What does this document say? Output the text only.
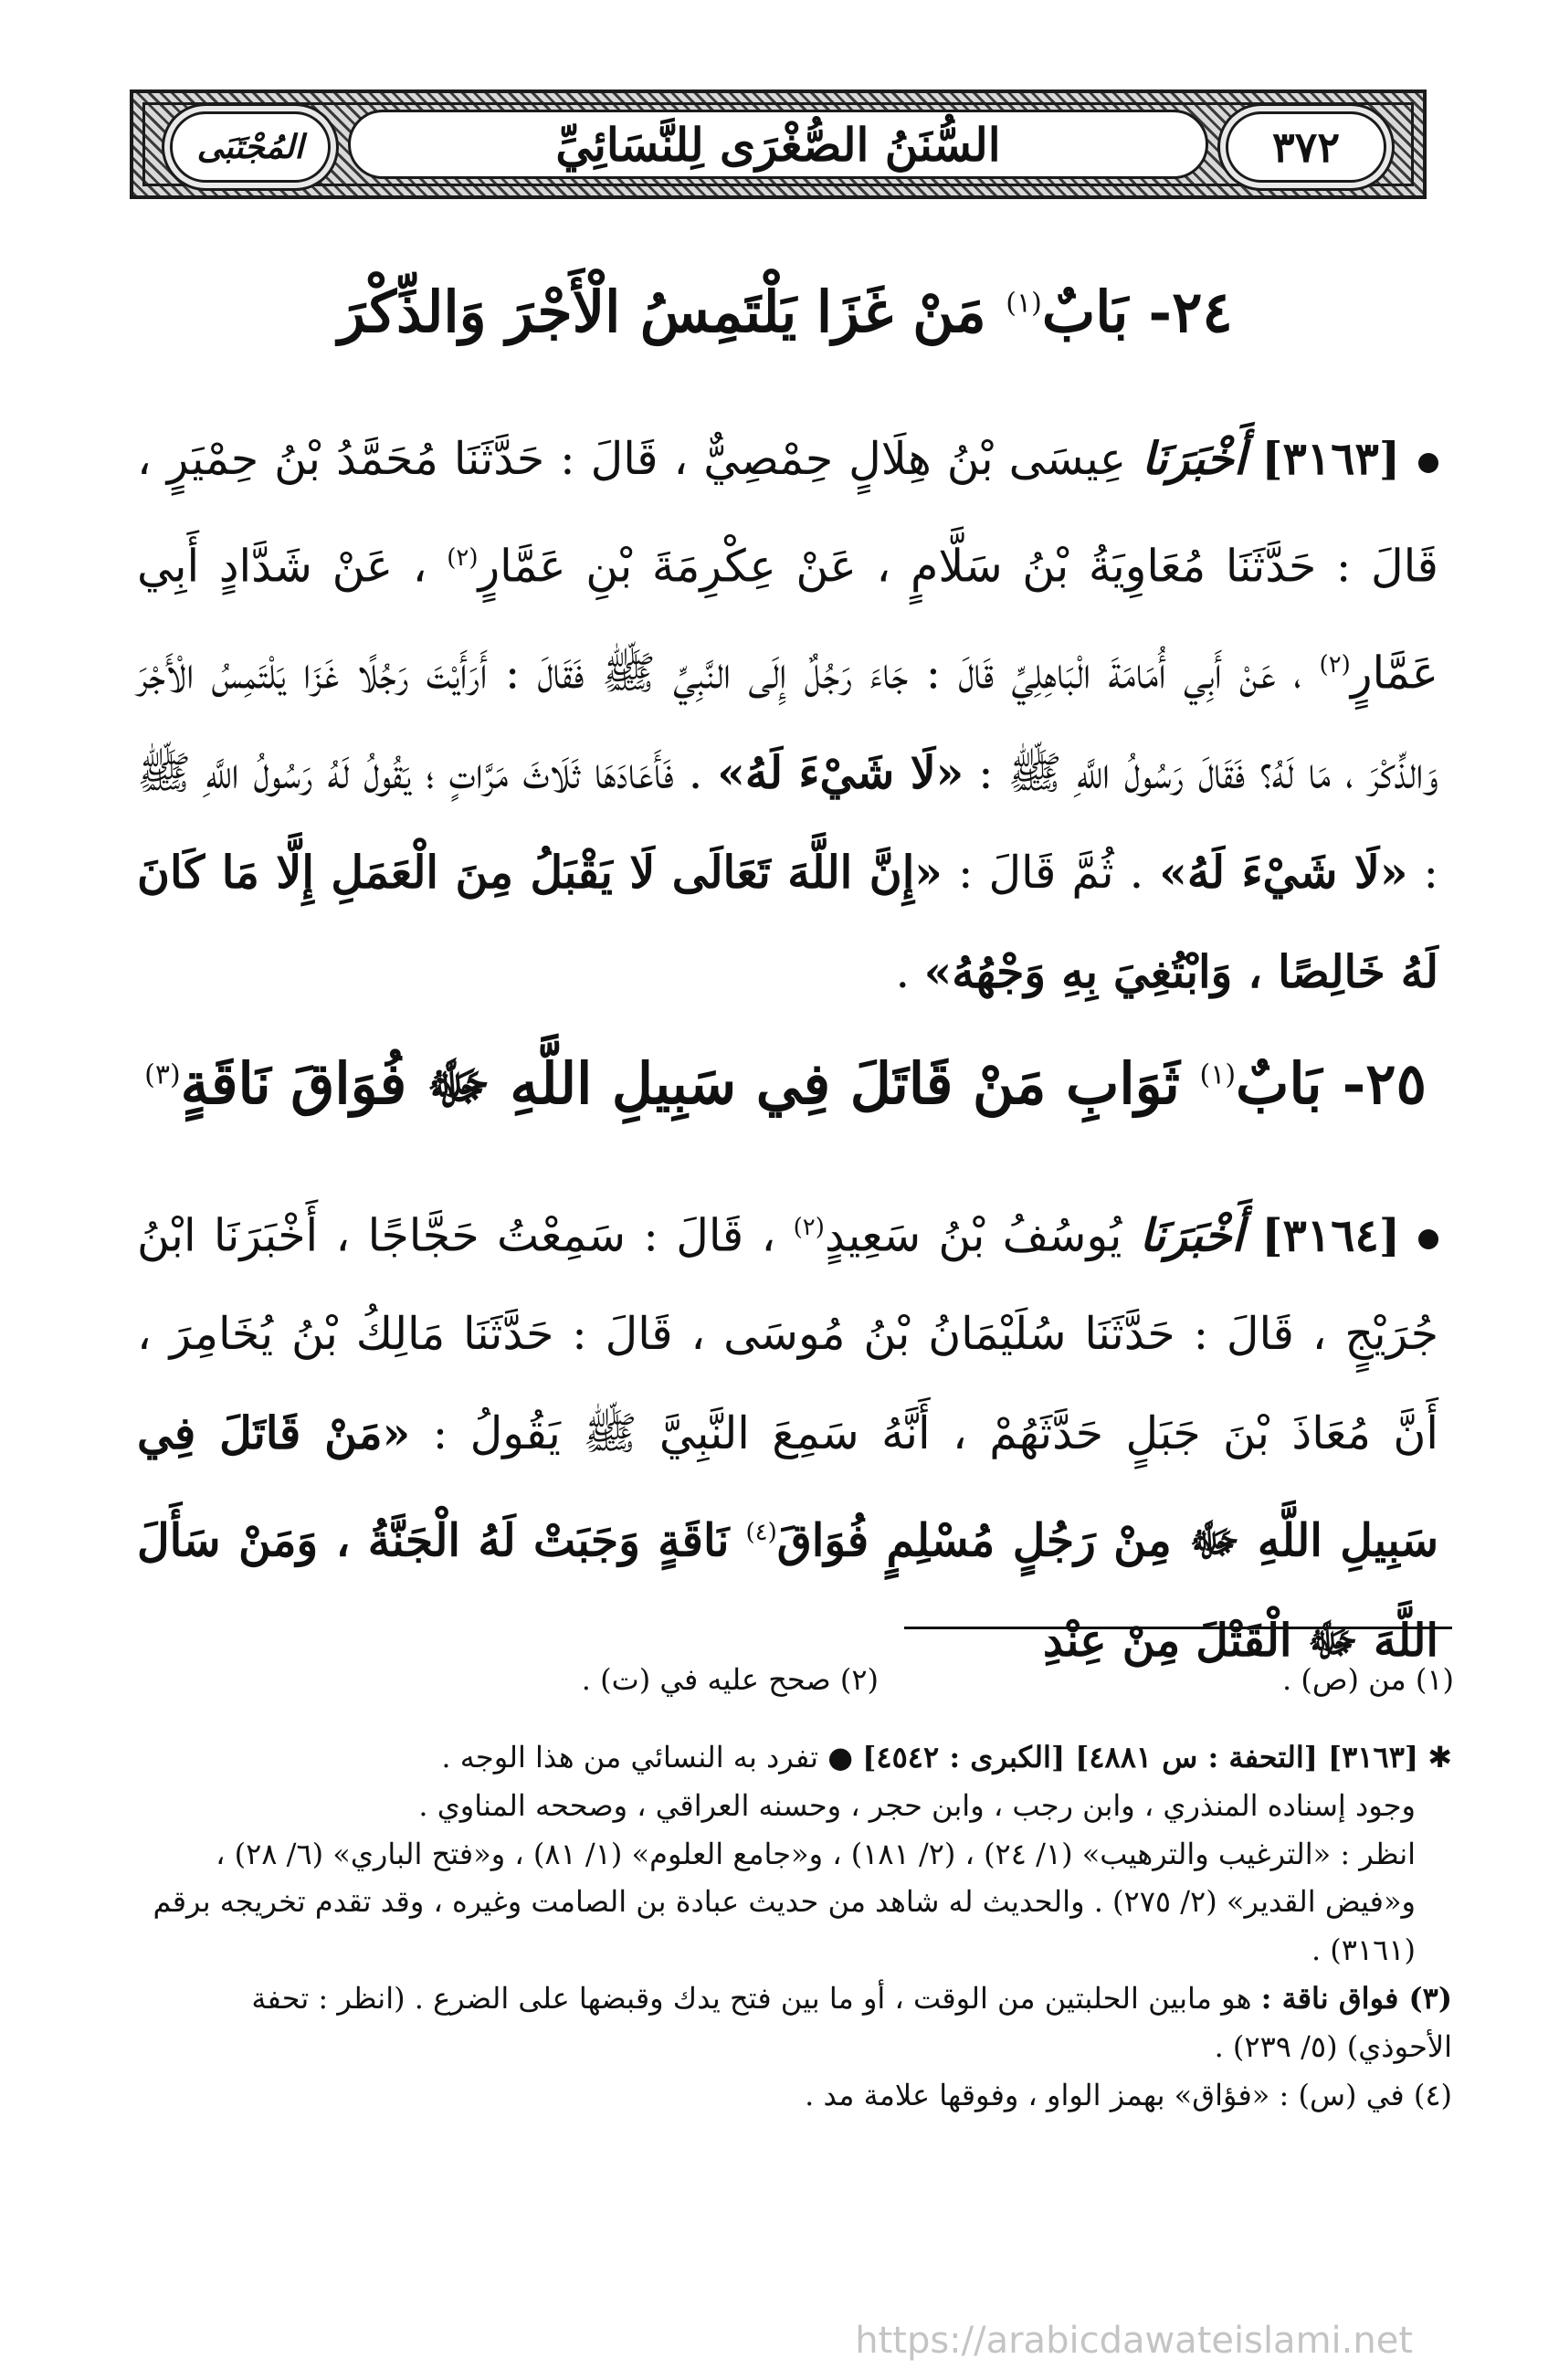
٣٧٢
السُّنَنُ الصُّغْرَى لِلنَّسَائِيِّ
المُجْتَبَى
٢٤-بَابٌ$^{(١)}$ مَنْ غَزَا يَلْتَمِسُ الْأَجْرَ وَالذِّكْرَ
[٣١٦٣] أَخْبَرَنَا عِيسَى بْنُ هِلَالٍ حِمْصِيٌّ ، قَالَ : حَدَّثَنَا مُحَمَّدُ بْنُ حِمْيَرٍ ، قَالَ : حَدَّثَنَا مُعَاوِيَةُ بْنُ سَلَّامٍ ، عَنْ عِكْرِمَةَ بْنِ عَمَّارٍ$^{(٢)}$ ، عَنْ شَدَّادٍ أَبِي عَمَّارٍ$^{(٢)}$ ، عَنْ أَبِي أُمَامَةَ الْبَاهِلِيِّ قَالَ : جَاءَ رَجُلٌ إِلَى النَّبِيِّ ﷺ فَقَالَ : أَرَأَيْتَ رَجُلًا غَزَا يَلْتَمِسُ الْأَجْرَ وَالذِّكْرَ ، مَا لَهُ؟ فَقَالَ رَسُولُ اللَّهِ ﷺ : «لَا شَيْءَ لَهُ» . فَأَعَادَهَا ثَلَاثَ مَرَّاتٍ ؛ يَقُولُ لَهُ رَسُولُ اللَّهِ ﷺ : «لَا شَيْءَ لَهُ» . ثُمَّ قَالَ : «إِنَّ اللَّهَ تَعَالَى لَا يَقْبَلُ مِنَ الْعَمَلِ إِلَّا مَا كَانَ لَهُ خَالِصًا ، وَابْتُغِيَ بِهِ وَجْهُهُ» .
٢٥-بَابٌ$^{(١)}$ ثَوَابِ مَنْ قَاتَلَ فِي سَبِيلِ اللَّهِ ﷻ فُوَاقَ نَاقَةٍ$^{(٣)}$
[٣١٦٤] أَخْبَرَنَا يُوسُفُ بْنُ سَعِيدٍ$^{(٢)}$ ، قَالَ : سَمِعْتُ حَجَّاجًا ، أَخْبَرَنَا ابْنُ جُرَيْجٍ ، قَالَ : حَدَّثَنَا سُلَيْمَانُ بْنُ مُوسَى ، قَالَ : حَدَّثَنَا مَالِكُ بْنُ يُخَامِرَ ، أَنَّ مُعَاذَ بْنَ جَبَلٍ حَدَّثَهُمْ ، أَنَّهُ سَمِعَ النَّبِيَّ ﷺ يَقُولُ : «مَنْ قَاتَلَ فِي سَبِيلِ اللَّهِ ﷻ مِنْ رَجُلٍ مُسْلِمٍ فُوَاقَ$^{(٤)}$ نَاقَةٍ وَجَبَتْ لَهُ الْجَنَّةُ ، وَمَنْ سَأَلَ اللَّهَ ﷻ الْقَتْلَ مِنْ عِنْدِ
(١) من (ص) .
(٢) صحح عليه في (ت) .
✱ [٣١٦٣] [التحفة : س ٤٨٨١] [الكبرى : ٤٥٤٢] ● تفرد به النسائي من هذا الوجه .
وجود إسناده المنذري ، وابن رجب ، وابن حجر ، وحسنه العراقي ، وصححه المناوي .
انظر : «الترغيب والترهيب» (١/ ٢٤) ، (٢/ ١٨١) ، و«جامع العلوم» (١/ ٨١) ، و«فتح الباري» (٦/ ٢٨) ، و«فيض القدير» (٢/ ٢٧٥) . والحديث له شاهد من حديث عبادة بن الصامت وغيره ، وقد تقدم تخريجه برقم (٣١٦١) .
(٣) فواق ناقة : هو مابين الحلبتين من الوقت ، أو ما بين فتح يدك وقبضها على الضرع . (انظر : تحفة الأحوذي) (٥/ ٢٣٩) .
(٤) في (س) : «فؤاق» بهمز الواو ، وفوقها علامة مد .
https://arabicdawateislami.net
